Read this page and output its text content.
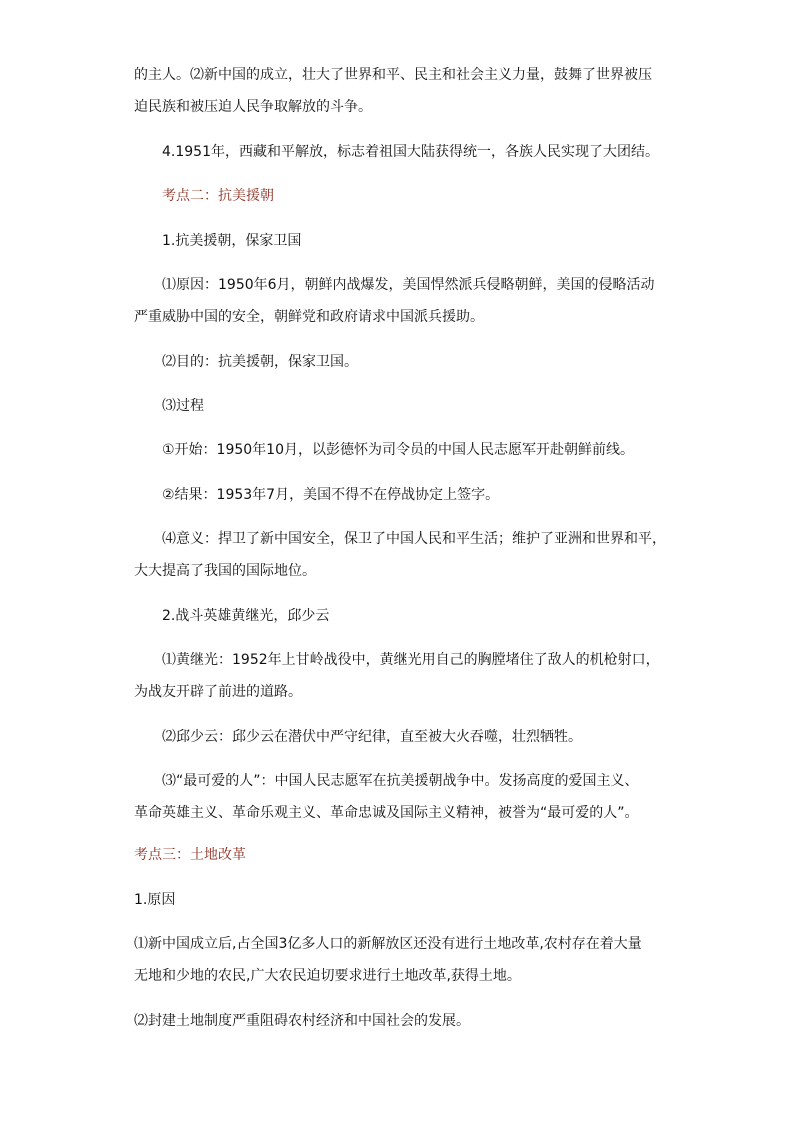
的主人。⑵新中国的成立，壮大了世界和平、民主和社会主义力量，鼓舞了世界被压
迫民族和被压迫人民争取解放的斗争。
4.1951年，西藏和平解放，标志着祖国大陆获得统一，各族人民实现了大团结。
考点二：抗美援朝
1.抗美援朝，保家卫国
⑴原因：1950年6月，朝鲜内战爆发，美国悍然派兵侵略朝鲜，美国的侵略活动
严重威胁中国的安全，朝鲜党和政府请求中国派兵援助。
⑵目的：抗美援朝，保家卫国。
⑶过程
①开始：1950年10月，以彭德怀为司令员的中国人民志愿军开赴朝鲜前线。
②结果：1953年7月，美国不得不在停战协定上签字。
⑷意义：捍卫了新中国安全，保卫了中国人民和平生活；维护了亚洲和世界和平，
大大提高了我国的国际地位。
2.战斗英雄黄继光，邱少云
⑴黄继光：1952年上甘岭战役中，黄继光用自己的胸膛堵住了敌人的机枪射口，
为战友开辟了前进的道路。
⑵邱少云：邱少云在潜伏中严守纪律，直至被大火吞噬，壮烈牺牲。
⑶“最可爱的人”：中国人民志愿军在抗美援朝战争中。发扬高度的爱国主义、
革命英雄主义、革命乐观主义、革命忠诚及国际主义精神，被誉为“最可爱的人”。
考点三：土地改革
1.原因
⑴新中国成立后,占全国3亿多人口的新解放区还没有进行土地改革,农村存在着大量
无地和少地的农民,广大农民迫切要求进行土地改革,获得土地。
⑵封建土地制度严重阻碍农村经济和中国社会的发展。
